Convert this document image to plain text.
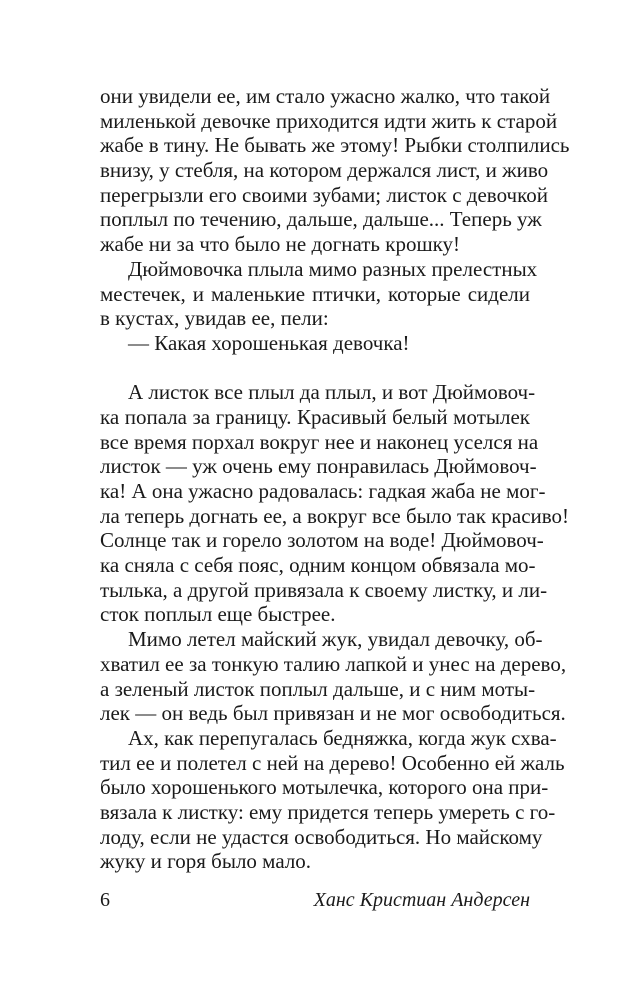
они увидели ее, им стало ужасно жалко, что такой
миленькой девочке приходится идти жить к старой
жабе в тину. Не бывать же этому! Рыбки столпились
внизу, у стебля, на котором держался лист, и живо
перегрызли его своими зубами; листок с девочкой
поплыл по течению, дальше, дальше... Теперь уж
жабе ни за что было не догнать крошку!
Дюймовочка плыла мимо разных прелестных
местечек, и маленькие птички, которые сидели
в кустах, увидав ее, пели:
— Какая хорошенькая девочка!
А листок все плыл да плыл, и вот Дюймовоч-
ка попала за границу. Красивый белый мотылек
все время порхал вокруг нее и наконец уселся на
листок — уж очень ему понравилась Дюймовоч-
ка! А она ужасно радовалась: гадкая жаба не мог-
ла теперь догнать ее, а вокруг все было так красиво!
Солнце так и горело золотом на воде! Дюймовоч-
ка сняла с себя пояс, одним концом обвязала мо-
тылька, а другой привязала к своему листку, и ли-
сток поплыл еще быстрее.
Мимо летел майский жук, увидал девочку, об-
хватил ее за тонкую талию лапкой и унес на дерево,
а зеленый листок поплыл дальше, и с ним моты-
лек — он ведь был привязан и не мог освободиться.
Ах, как перепугалась бедняжка, когда жук схва-
тил ее и полетел с ней на дерево! Особенно ей жаль
было хорошенького мотылечка, которого она при-
вязала к листку: ему придется теперь умереть с го-
лоду, если не удастся освободиться. Но майскому
жуку и горя было мало.
6	Ханс Кристиан Андерсен
